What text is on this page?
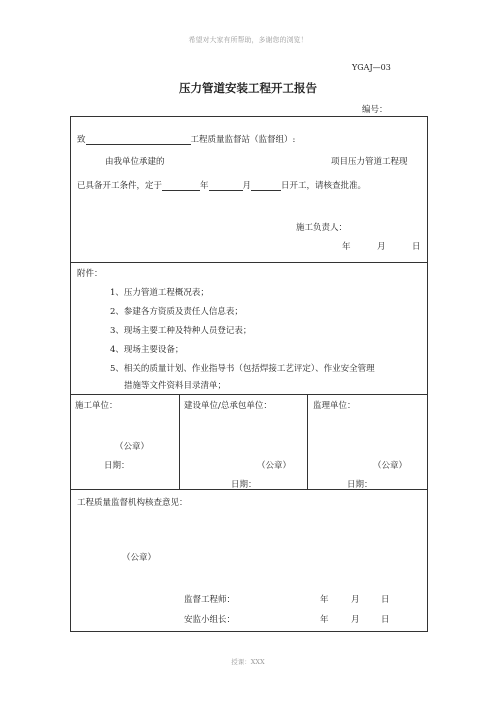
希望对大家有所帮助，多谢您的浏览！
YGAJ—03
压力管道安装工程开工报告
编号：
致	工程质量监督站（监督组）:
由我单位承建的	项目压力管道工程现
已具备开工条件，定于	年	月	日开工，请核查批准。
施工负责人：
年	月	日
附件：
1、压力管道工程概况表；
2、参建各方资质及责任人信息表；
3、现场主要工种及特种人员登记表；
4、现场主要设备；
5、相关的质量计划、作业指导书（包括焊接工艺评定）、作业安全管理
措施等文件资料目录清单；
施工单位：
（公章）
日期：
建设单位/总承包单位：
（公章）
日期：
监理单位：
（公章）
日期：
工程质量监督机构核查意见：
（公章）
监督工程师：	年	月	日
安监小组长：	年	月	日
授课：XXX
